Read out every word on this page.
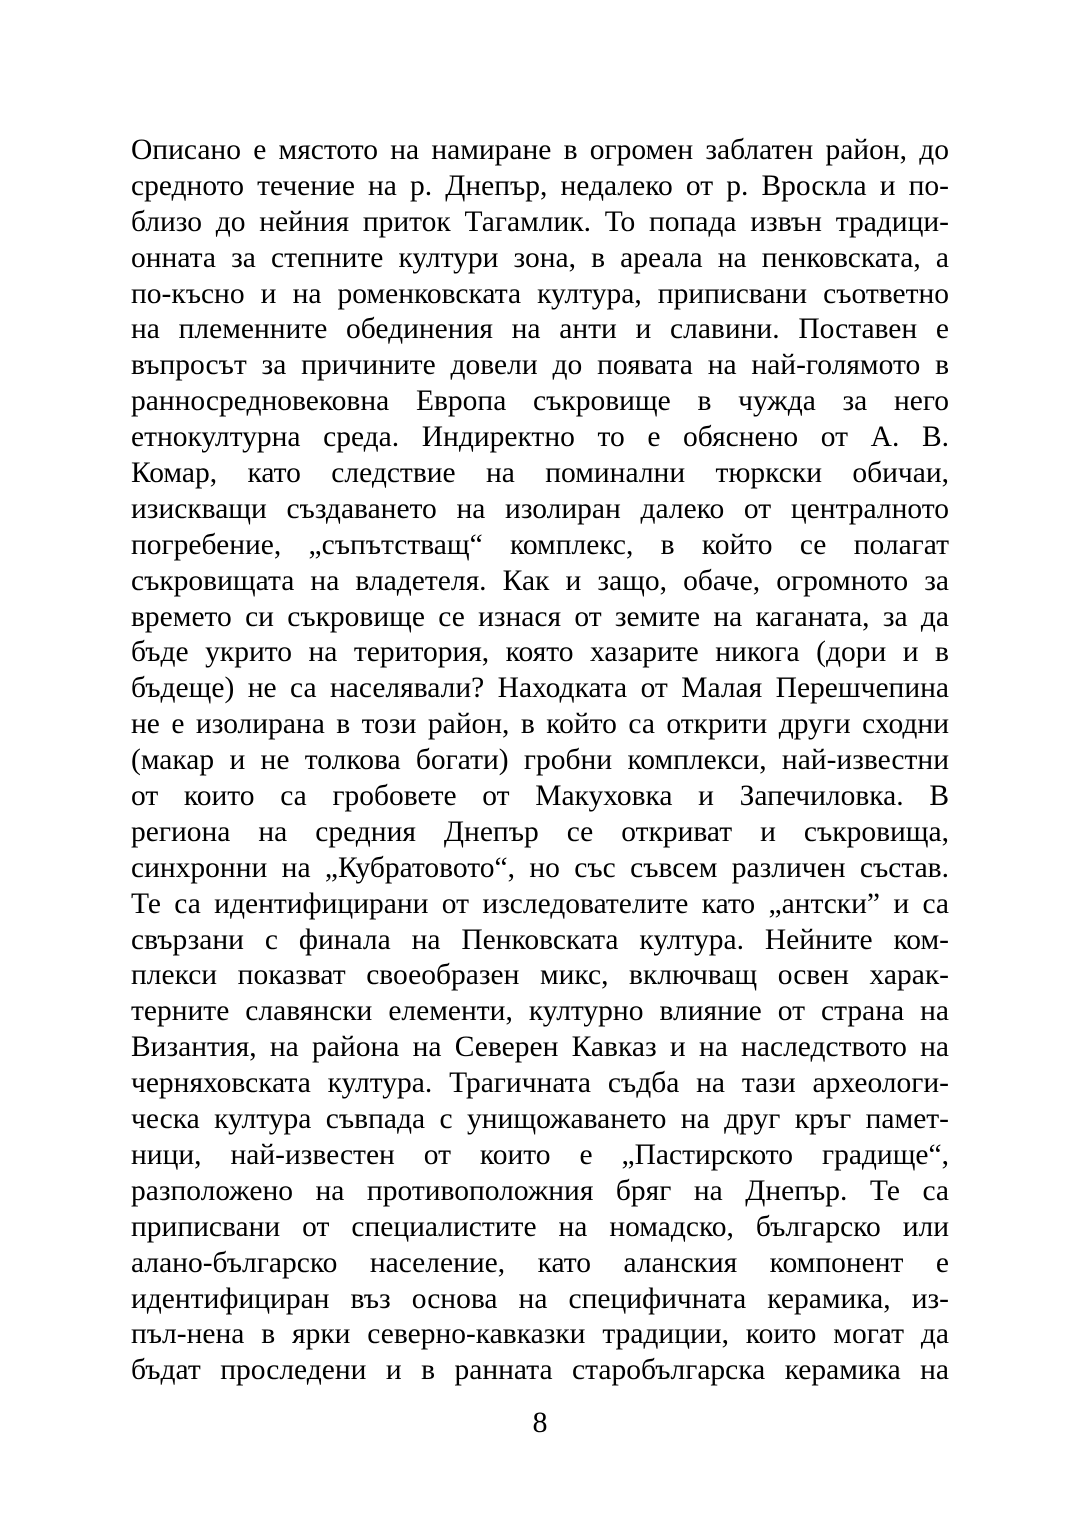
Описано е мястото на намиране в огромен заблатен район, до
средното течение на р. Днепър, недалеко от р. Вроскла и по-
близо до нейния приток Тагамлик. То попада извън традици-
онната за степните култури зона, в ареала на пенковската, а
по-късно и на роменковската култура, приписвани съответно
на племенните обединения на анти и славини. Поставен е
въпросът за причините довели до появата на най-голямото в
ранносредновековна Европа съкровище в чужда за него
етнокултурна среда. Индиректно то е обяснено от А. В.
Комар, като следствие на поминални тюркски обичаи,
изискващи създаването на изолиран далеко от централното
погребение, „съпътстващ“ комплекс, в който се полагат
съкровищата на владетеля. Как и защо, обаче, огромното за
времето си съкровище се изнася от земите на каганата, за да
бъде укрито на територия, която хазарите никога (дори и в
бъдеще) не са населявали? Находката от Малая Перешчепина
не е изолирана в този район, в който са открити други сходни
(макар и не толкова богати) гробни комплекси, най-известни
от които са гробовете от Макуховка и Запечиловка. В
региона на средния Днепър се откриват и съкровища,
синхронни на „Кубратовото“, но със съвсем различен състав.
Те са идентифицирани от изследователите като „антски” и са
свързани с финала на Пенковската култура. Нейните ком-
плекси показват своеобразен микс, включващ освен харак-
терните славянски елементи, културно влияние от страна на
Византия, на района на Северен Кавказ и на наследството на
черняховската култура. Трагичната съдба на тази археологи-
ческа култура съвпада с унищожаването на друг кръг памет-
ници, най-известен от които е „Пастирското градище“,
разположено на противоположния бряг на Днепър. Те са
приписвани от специалистите на номадско, българско или
алано-българско население, като аланския компонент е
идентифициран въз основа на специфичната керамика, из-
пъл-нена в ярки северно-кавказки традиции, които могат да
бъдат проследени и в ранната старобългарска керамика на
8
